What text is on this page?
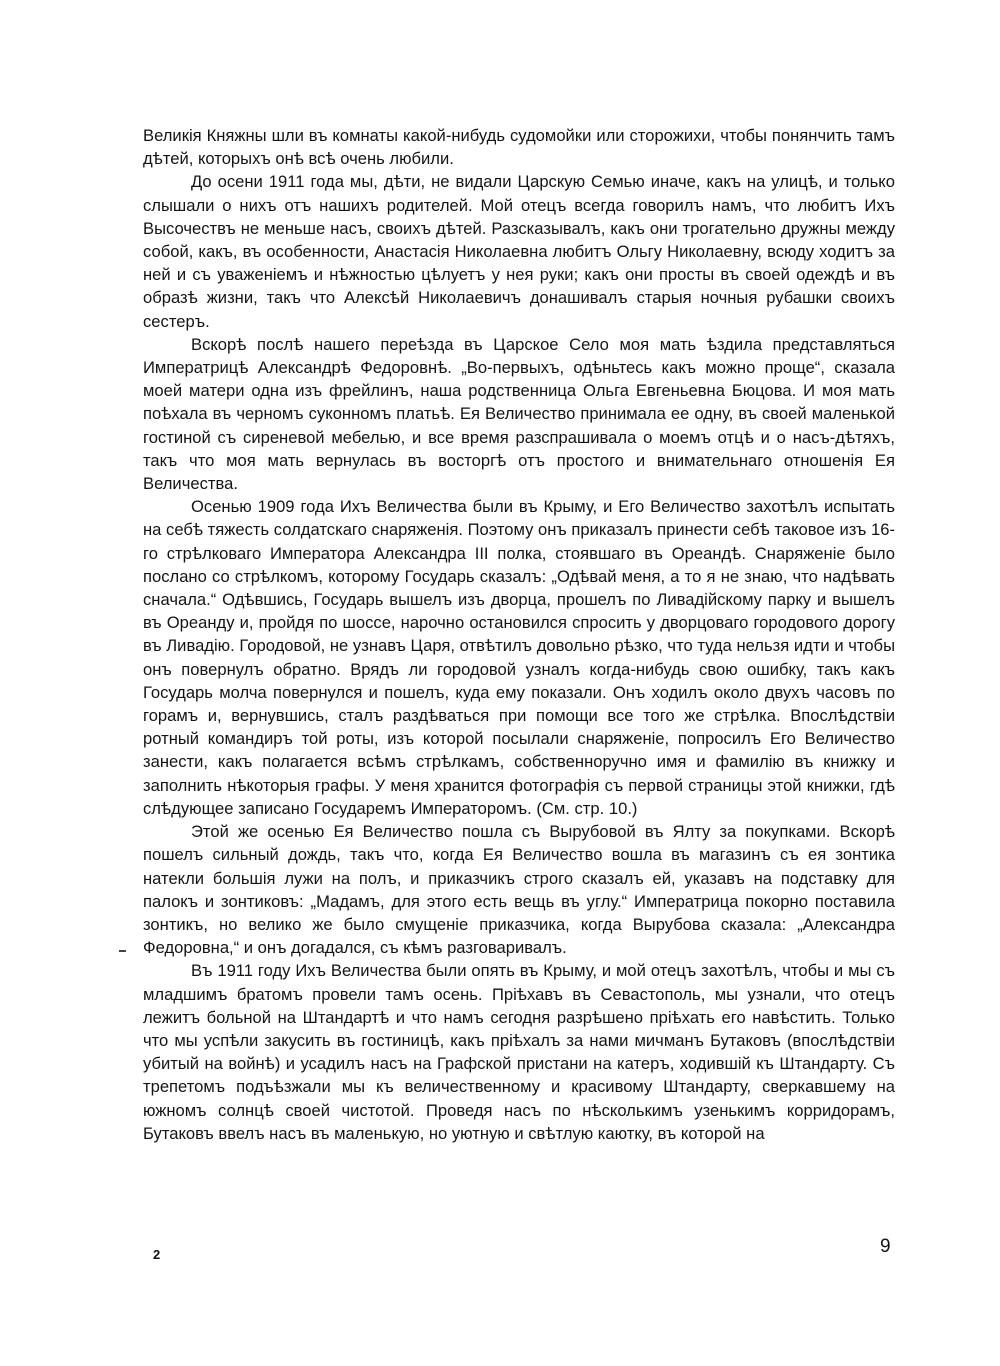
Великія Княжны шли въ комнаты какой-нибудь судомойки или сторожихи, чтобы понянчить тамъ дѣтей, которыхъ онѣ всѣ очень любили.

До осени 1911 года мы, дѣти, не видали Царскую Семью иначе, какъ на улицѣ, и только слышали о нихъ отъ нашихъ родителей. Мой отецъ всегда говорилъ намъ, что любитъ Ихъ Высочествъ не меньше насъ, своихъ дѣтей. Разсказывалъ, какъ они трогательно дружны между собой, какъ, въ особенности, Анастасія Николаевна любитъ Ольгу Николаевну, всюду ходитъ за ней и съ уваженіемъ и нѣжностью цѣлуетъ у нея руки; какъ они просты въ своей одеждѣ и въ образѣ жизни, такъ что Алексѣй Николаевичъ донашивалъ старыя ночныя рубашки своихъ сестеръ.

Вскорѣ послѣ нашего переѣзда въ Царское Село моя мать ѣздила представляться Императрицѣ Александрѣ Федоровнѣ. „Во-первыхъ, одѣньтесь какъ можно проще“, сказала моей матери одна изъ фрейлинъ, наша родственница Ольга Евгеньевна Бюцова. И моя мать поѣхала въ черномъ суконномъ платьѣ. Ея Величество принимала ее одну, въ своей маленькой гостиной съ сиреневой мебелью, и все время разспрашивала о моемъ отцѣ и о насъ-дѣтяхъ, такъ что моя мать вернулась въ восторгѣ отъ простого и внимательнаго отношенія Ея Величества.

Осенью 1909 года Ихъ Величества были въ Крыму, и Его Величество захотѣлъ испытать на себѣ тяжесть солдатскаго снаряженія. Поэтому онъ приказалъ принести себѣ таковое изъ 16-го стрѣлковаго Императора Александра III полка, стоявшаго въ Ореандѣ. Снаряженіе было послано со стрѣлкомъ, которому Государь сказалъ: „Одѣвай меня, а то я не знаю, что надѣвать сначала.“ Одѣвшись, Государь вышелъ изъ дворца, прошелъ по Ливадійскому парку и вышелъ въ Ореанду и, пройдя по шоссе, нарочно остановился спросить у дворцоваго городового дорогу въ Ливадію. Городовой, не узнавъ Царя, отвѣтилъ довольно рѣзко, что туда нельзя идти и чтобы онъ повернулъ обратно. Врядъ ли городовой узналъ когда-нибудь свою ошибку, такъ какъ Государь молча повернулся и пошелъ, куда ему показали. Онъ ходилъ около двухъ часовъ по горамъ и, вернувшись, сталъ раздѣваться при помощи все того же стрѣлка. Впослѣдствіи ротный командиръ той роты, изъ которой посылали снаряженіе, попросилъ Его Величество занести, какъ полагается всѣмъ стрѣлкамъ, собственноручно имя и фамилію въ книжку и заполнить нѣкоторыя графы. У меня хранится фотографія съ первой страницы этой книжки, гдѣ слѣдующее записано Государемъ Императоромъ. (См. стр. 10.)

Этой же осенью Ея Величество пошла съ Вырубовой въ Ялту за покупками. Вскорѣ пошелъ сильный дождь, такъ что, когда Ея Величество вошла въ магазинъ съ ея зонтика натекли большія лужи на полъ, и приказчикъ строго сказалъ ей, указавъ на подставку для палокъ и зонтиковъ: „Мадамъ, для этого есть вещь въ углу.“ Императрица покорно поставила зонтикъ, но велико же было смущеніе приказчика, когда Вырубова сказала: „Александра Федоровна,“ и онъ догадался, съ кѣмъ разговаривалъ.

Въ 1911 году Ихъ Величества были опять въ Крыму, и мой отецъ захотѣлъ, чтобы и мы съ младшимъ братомъ провели тамъ осень. Пріѣхавъ въ Севастополь, мы узнали, что отецъ лежитъ больной на Штандартѣ и что намъ сегодня разрѣшено пріѣхать его навѣстить. Только что мы успѣли закусить въ гостиницѣ, какъ пріѣхалъ за нами мичманъ Бутаковъ (впослѣдствіи убитый на войнѣ) и усадилъ насъ на Графской пристани на катеръ, ходившій къ Штандарту. Съ трепетомъ подъѣзжали мы къ величественному и красивому Штандарту, сверкавшему на южномъ солнцѣ своей чистотой. Проведя насъ по нѣсколькимъ узенькимъ корридорамъ, Бутаковъ ввелъ насъ въ маленькую, но уютную и свѣтлую каютку, въ которой на

2	9
